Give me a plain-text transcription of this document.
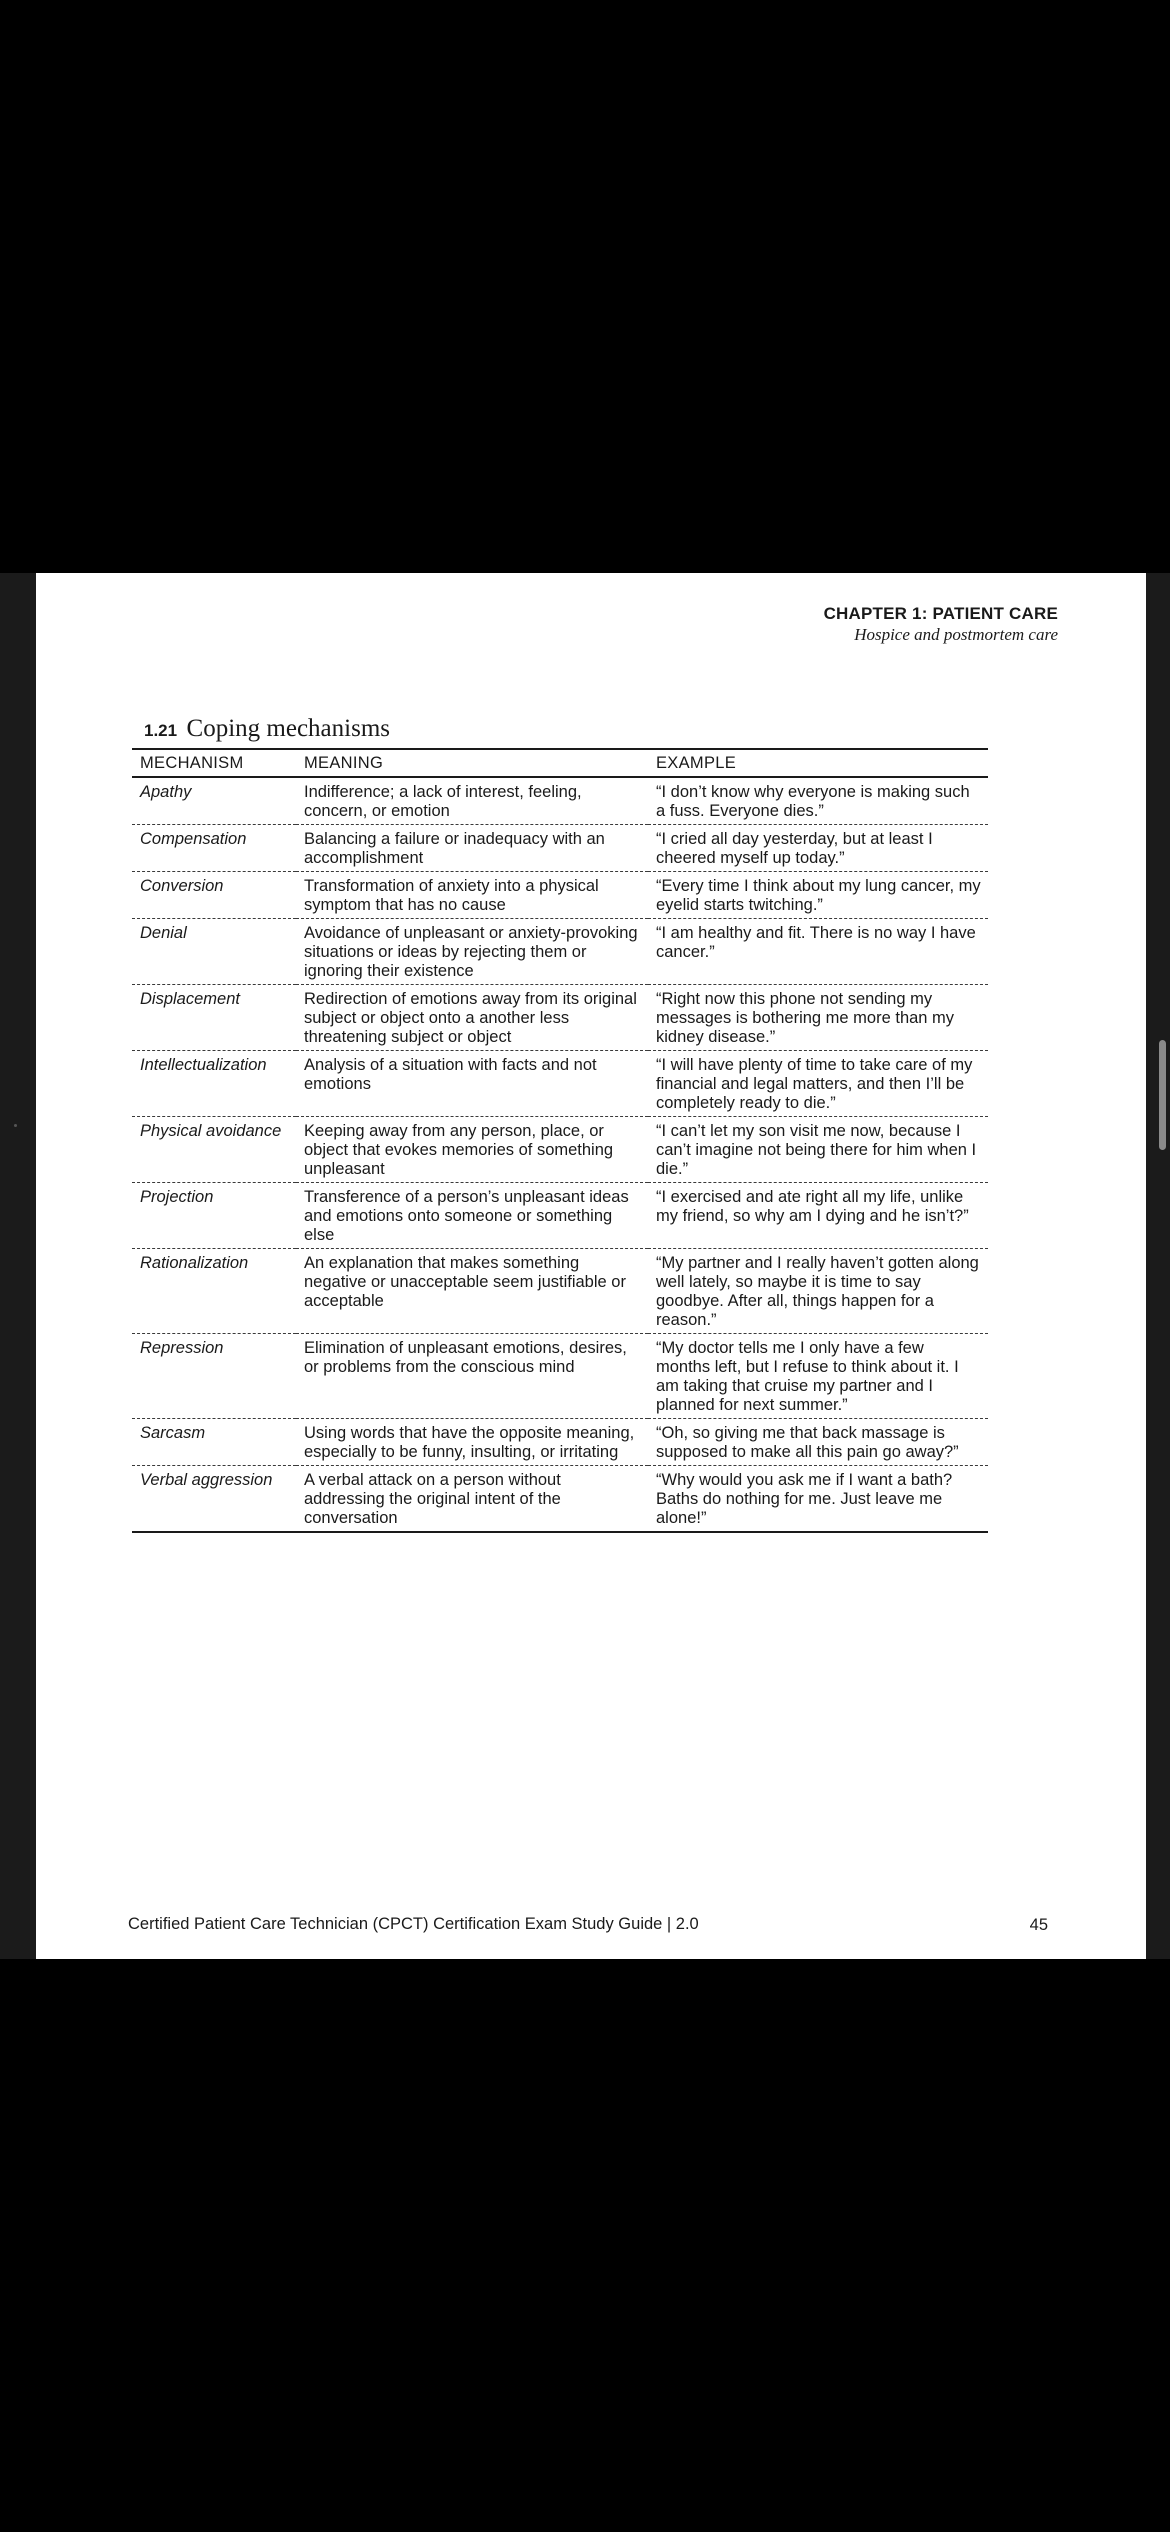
CHAPTER 1: PATIENT CARE
Hospice and postmortem care
1.21 Coping mechanisms
MECHANISM	MEANING	EXAMPLE
Apathy	Indifference; a lack of interest, feeling, concern, or emotion	“I don’t know why everyone is making such a fuss. Everyone dies.”
Compensation	Balancing a failure or inadequacy with an accomplishment	“I cried all day yesterday, but at least I cheered myself up today.”
Conversion	Transformation of anxiety into a physical symptom that has no cause	“Every time I think about my lung cancer, my eyelid starts twitching.”
Denial	Avoidance of unpleasant or anxiety-provoking situations or ideas by rejecting them or ignoring their existence	“I am healthy and fit. There is no way I have cancer.”
Displacement	Redirection of emotions away from its original subject or object onto a another less threatening subject or object	“Right now this phone not sending my messages is bothering me more than my kidney disease.”
Intellectualization	Analysis of a situation with facts and not emotions	“I will have plenty of time to take care of my financial and legal matters, and then I’ll be completely ready to die.”
Physical avoidance	Keeping away from any person, place, or object that evokes memories of something unpleasant	“I can’t let my son visit me now, because I can’t imagine not being there for him when I die.”
Projection	Transference of a person’s unpleasant ideas and emotions onto someone or something else	“I exercised and ate right all my life, unlike my friend, so why am I dying and he isn’t?”
Rationalization	An explanation that makes something negative or unacceptable seem justifiable or acceptable	“My partner and I really haven’t gotten along well lately, so maybe it is time to say goodbye. After all, things happen for a reason.”
Repression	Elimination of unpleasant emotions, desires, or problems from the conscious mind	“My doctor tells me I only have a few months left, but I refuse to think about it. I am taking that cruise my partner and I planned for next summer.”
Sarcasm	Using words that have the opposite meaning, especially to be funny, insulting, or irritating	“Oh, so giving me that back massage is supposed to make all this pain go away?”
Verbal aggression	A verbal attack on a person without addressing the original intent of the conversation	“Why would you ask me if I want a bath? Baths do nothing for me. Just leave me alone!”
Certified Patient Care Technician (CPCT) Certification Exam Study Guide | 2.0	45
